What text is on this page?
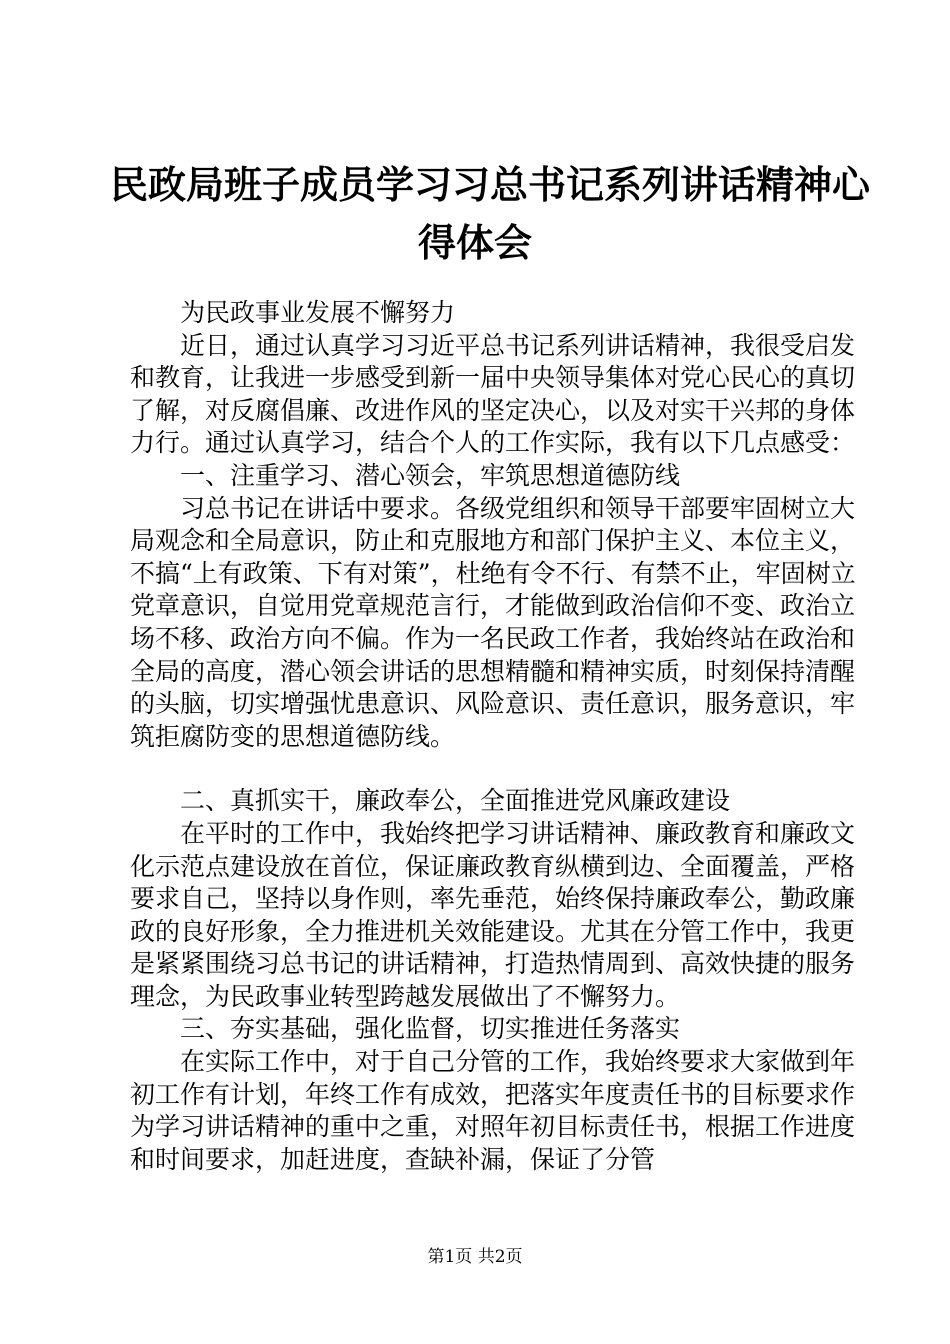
民政局班子成员学习习总书记系列讲话精神心
得体会

为民政事业发展不懈努力

近日，通过认真学习习近平总书记系列讲话精神，我很受启发和教育，让我进一步感受到新一届中央领导集体对党心民心的真切了解，对反腐倡廉、改进作风的坚定决心，以及对实干兴邦的身体力行。通过认真学习，结合个人的工作实际，我有以下几点感受：

一、注重学习、潜心领会，牢筑思想道德防线

习总书记在讲话中要求。各级党组织和领导干部要牢固树立大局观念和全局意识，防止和克服地方和部门保护主义、本位主义，不搞“上有政策、下有对策”，杜绝有令不行、有禁不止，牢固树立党章意识，自觉用党章规范言行，才能做到政治信仰不变、政治立场不移、政治方向不偏。作为一名民政工作者，我始终站在政治和全局的高度，潜心领会讲话的思想精髓和精神实质，时刻保持清醒的头脑，切实增强忧患意识、风险意识、责任意识，服务意识，牢筑拒腐防变的思想道德防线。

二、真抓实干，廉政奉公，全面推进党风廉政建设

在平时的工作中，我始终把学习讲话精神、廉政教育和廉政文化示范点建设放在首位，保证廉政教育纵横到边、全面覆盖，严格要求自己，坚持以身作则，率先垂范，始终保持廉政奉公，勤政廉政的良好形象，全力推进机关效能建设。尤其在分管工作中，我更是紧紧围绕习总书记的讲话精神，打造热情周到、高效快捷的服务理念，为民政事业转型跨越发展做出了不懈努力。

三、夯实基础，强化监督，切实推进任务落实

在实际工作中，对于自己分管的工作，我始终要求大家做到年初工作有计划，年终工作有成效，把落实年度责任书的目标要求作为学习讲话精神的重中之重，对照年初目标责任书，根据工作进度和时间要求，加赶进度，查缺补漏，保证了分管

第1页 共2页
